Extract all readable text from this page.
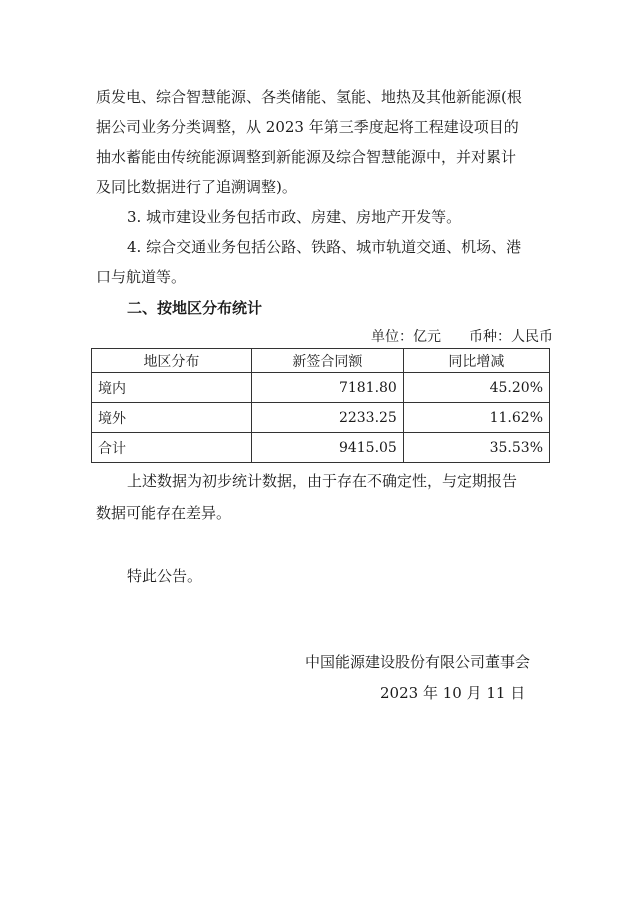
质发电、综合智慧能源、各类储能、氢能、地热及其他新能源(根
据公司业务分类调整，从 2023 年第三季度起将工程建设项目的
抽水蓄能由传统能源调整到新能源及综合智慧能源中，并对累计
及同比数据进行了追溯调整)。
3. 城市建设业务包括市政、房建、房地产开发等。
4. 综合交通业务包括公路、铁路、城市轨道交通、机场、港
口与航道等。
二、按地区分布统计
单位：亿元 币种：人民币
地区分布	新签合同额	同比增减
境内	7181.80	45.20%
境外	2233.25	11.62%
合计	9415.05	35.53%
上述数据为初步统计数据，由于存在不确定性，与定期报告
数据可能存在差异。
特此公告。
中国能源建设股份有限公司董事会
2023 年 10 月 11 日
